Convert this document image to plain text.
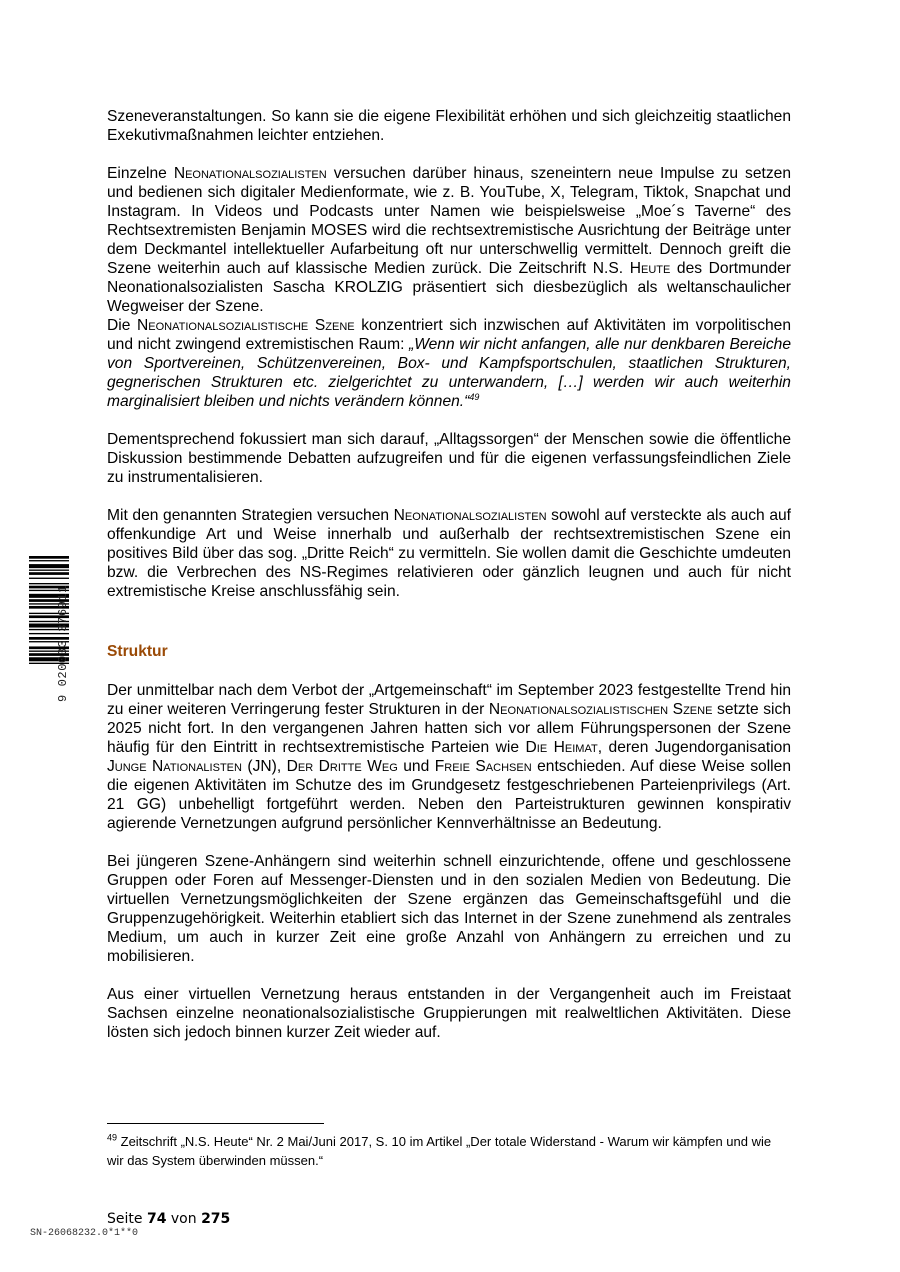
Szeneveranstaltungen. So kann sie die eigene Flexibilität erhöhen und sich gleichzeitig staatlichen Exekutivmaßnahmen leichter entziehen.

Einzelne Neonationalsozialisten versuchen darüber hinaus, szeneintern neue Impulse zu setzen und bedienen sich digitaler Medienformate, wie z. B. YouTube, X, Telegram, Tiktok, Snapchat und Instagram. In Videos und Podcasts unter Namen wie beispielsweise „Moe´s Taverne“ des Rechtsextremisten Benjamin MOSES wird die rechtsextremistische Ausrichtung der Beiträge unter dem Deckmantel intellektueller Aufarbeitung oft nur unterschwellig vermittelt. Dennoch greift die Szene weiterhin auch auf klassische Medien zurück. Die Zeitschrift N.S. Heute des Dortmunder Neonationalsozialisten Sascha KROLZIG präsentiert sich diesbezüglich als weltanschaulicher Wegweiser der Szene.

Die Neonationalsozialistische Szene konzentriert sich inzwischen auf Aktivitäten im vorpolitischen und nicht zwingend extremistischen Raum: „Wenn wir nicht anfangen, alle nur denkbaren Bereiche von Sportvereinen, Schützenvereinen, Box- und Kampfsportschulen, staatlichen Strukturen, gegnerischen Strukturen etc. zielgerichtet zu unterwandern, […] werden wir auch weiterhin marginalisiert bleiben und nichts verändern können.“$^{49}$

Dementsprechend fokussiert man sich darauf, „Alltagssorgen“ der Menschen sowie die öffentliche Diskussion bestimmende Debatten aufzugreifen und für die eigenen verfassungsfeindlichen Ziele zu instrumentalisieren.

Mit den genannten Strategien versuchen Neonationalsozialisten sowohl auf versteckte als auch auf offenkundige Art und Weise innerhalb und außerhalb der rechtsextremistischen Szene ein positives Bild über das sog. „Dritte Reich“ zu vermitteln. Sie wollen damit die Geschichte umdeuten bzw. die Verbrechen des NS-Regimes relativieren oder gänzlich leugnen und auch für nicht extremistische Kreise anschlussfähig sein.

Struktur

Der unmittelbar nach dem Verbot der „Artgemeinschaft“ im September 2023 festgestellte Trend hin zu einer weiteren Verringerung fester Strukturen in der Neonationalsozialistischen Szene setzte sich 2025 nicht fort. In den vergangenen Jahren hatten sich vor allem Führungspersonen der Szene häufig für den Eintritt in rechtsextremistische Parteien wie Die Heimat, deren Jugendorganisation Junge Nationalisten (JN), Der Dritte Weg und Freie Sachsen entschieden. Auf diese Weise sollen die eigenen Aktivitäten im Schutze des im Grundgesetz festgeschriebenen Parteienprivilegs (Art. 21 GG) unbehelligt fortgeführt werden. Neben den Parteistrukturen gewinnen konspirativ agierende Vernetzungen aufgrund persönlicher Kennverhältnisse an Bedeutung.

Bei jüngeren Szene-Anhängern sind weiterhin schnell einzurichtende, offene und geschlossene Gruppen oder Foren auf Messenger-Diensten und in den sozialen Medien von Bedeutung. Die virtuellen Vernetzungsmöglichkeiten der Szene ergänzen das Gemeinschaftsgefühl und die Gruppenzugehörigkeit. Weiterhin etabliert sich das Internet in der Szene zunehmend als zentrales Medium, um auch in kurzer Zeit eine große Anzahl von Anhängern zu erreichen und zu mobilisieren.

Aus einer virtuellen Vernetzung heraus entstanden in der Vergangenheit auch im Freistaat Sachsen einzelne neonationalsozialistische Gruppierungen mit realweltlichen Aktivitäten. Diese lösten sich jedoch binnen kurzer Zeit wieder auf.

$^{49}$ Zeitschrift „N.S. Heute“ Nr. 2 Mai/Juni 2017, S. 10 im Artikel „Der totale Widerstand - Warum wir kämpfen und wie wir das System überwinden müssen.“
Seite 74 von 275
SN-26068232.0*1**0
9 020033 376911
